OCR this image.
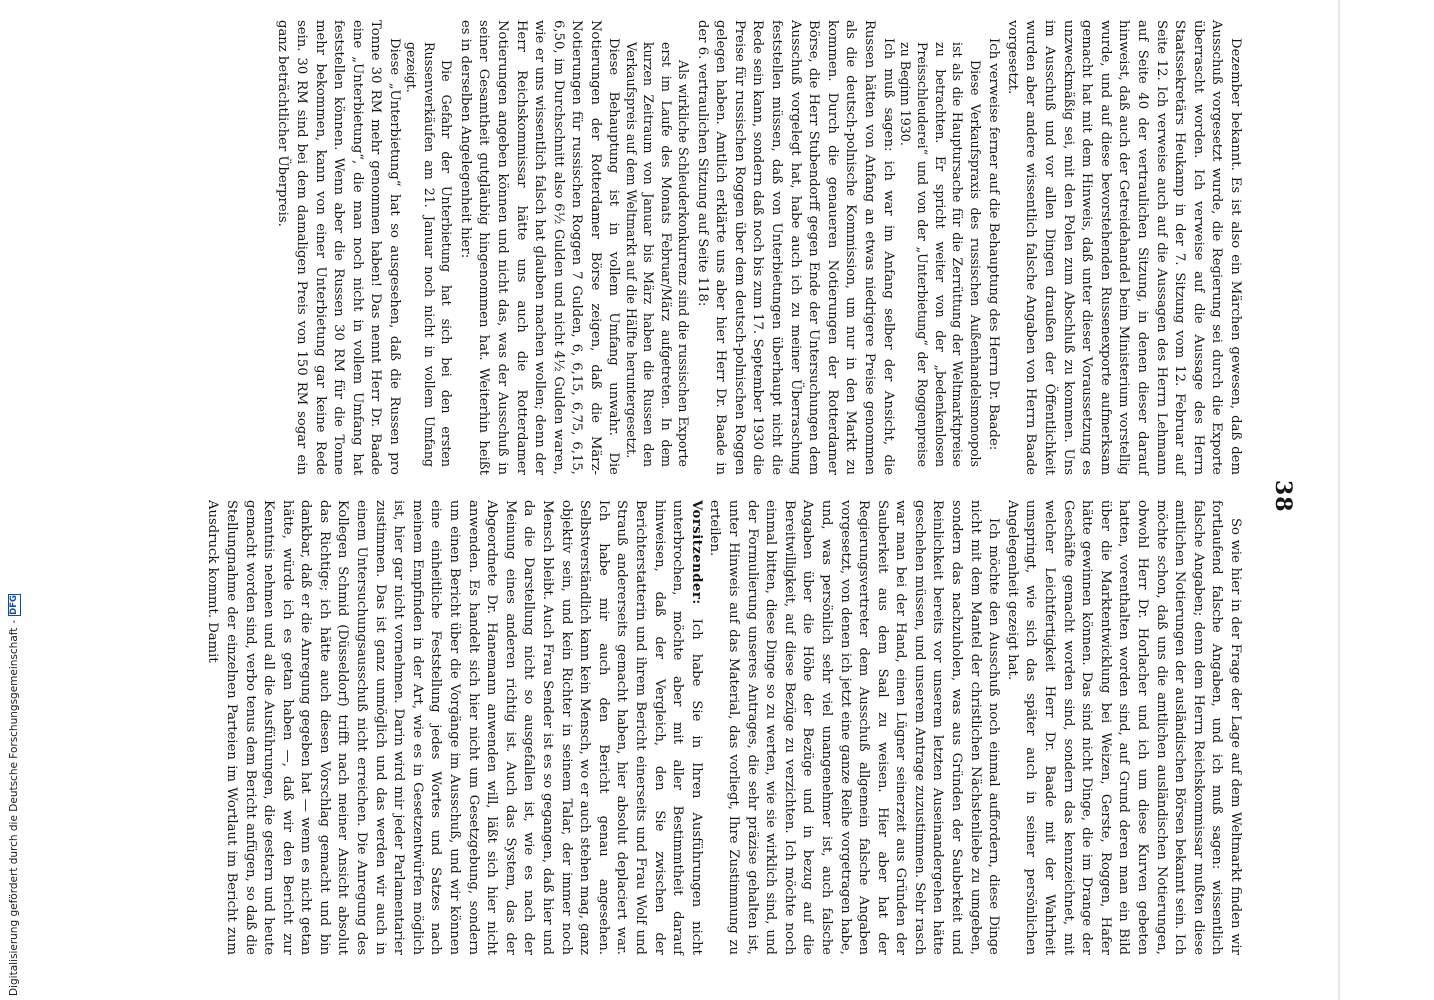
38

Dezember bekannt. Es ist also ein Märchen gewesen, daß dem Ausschuß vorgesetzt wurde, die Regierung sei durch die Exporte überrascht worden. Ich verweise auf die Aussage des Herrn Staatssekretärs Heukamp in der 7. Sitzung vom 12. Februar auf Seite 12. Ich verweise auch auf die Aussagen des Herrn Lehmann auf Seite 40 der vertraulichen Sitzung, in denen dieser darauf hinweist, daß auch der Getreidehandel beim Ministerium vorstellig wurde, und auf diese bevorstehenden Russenexporte aufmerksam gemacht hat mit dem Hinweis, daß unter dieser Voraussetzung es unzweckmäßig sei, mit den Polen zum Abschluß zu kommen. Uns im Ausschuß und vor allen Dingen draußen der Öffentlichkeit wurden aber andere wissentlich falsche Angaben von Herrn Baade vorgesetzt.

Ich verweise ferner auf die Behauptung des Herrn Dr. Baade:

Diese Verkaufspraxis des russischen Außenhandelsmonopols ist als die Hauptursache für die Zerrüttung der Weltmarktpreise zu betrachten. Er spricht weiter von der „bedenkenlosen Preisschleuderei“ und von der „Unterbietung“ der Roggenpreise zu Beginn 1930.

Ich muß sagen: ich war im Anfang selber der Ansicht, die Russen hätten von Anfang an etwas niedrigere Preise genommen als die deutsch-polnische Kommission, um nur in den Markt zu kommen. Durch die genaueren Notierungen der Rotterdamer Börse, die Herr Stubendorff gegen Ende der Untersuchungen dem Ausschuß vorgelegt hat, habe auch ich zu meiner Überraschung feststellen müssen, daß von Unterbietungen überhaupt nicht die Rede sein kann, sondern daß noch bis zum 17. September 1930 die Preise für russischen Roggen über dem deutsch-polnischen Roggen gelegen haben. Amtlich erklärte uns aber hier Herr Dr. Baade in der 6. vertraulichen Sitzung auf Seite 118:

Als wirkliche Schleuderkonkurrenz sind die russischen Exporte erst im Laufe des Monats Februar/März aufgetreten. In dem kurzen Zeitraum von Januar bis März haben die Russen den Verkaufspreis auf dem Weltmarkt auf die Hälfte heruntergesetzt.

Diese Behauptung ist in vollem Umfang unwahr. Die Notierungen der Rotterdamer Börse zeigen, daß die März-Notierungen für russischen Roggen 7 Gulden, 6, 6,15, 6,75, 6,15, 6,50, im Durchschnitt also 6½ Gulden und nicht 4½ Gulden waren, wie er uns wissentlich falsch hat glauben machen wollen; denn der Herr Reichskommissar hätte uns auch die Rotterdamer Notierungen angeben können und nicht das, was der Ausschuß in seiner Gesamtheit gutgläubig hingenommen hat. Weiterhin heißt es in derselben Angelegenheit hier:

Die Gefahr der Unterbietung hat sich bei den ersten Russenverkäufen am 21. Januar noch nicht in vollem Umfang gezeigt.

Diese „Unterbietung“ hat so ausgesehen, daß die Russen pro Tonne 30 RM mehr genommen haben! Das nennt Herr Dr. Baade eine „Unterbietung“, die man noch nicht in vollem Umfang hat feststellen können. Wenn aber die Russen 30 RM für die Tonne mehr bekommen, kann von einer Unterbietung gar keine Rede sein. 30 RM sind bei dem damaligen Preis von 150 RM sogar ein ganz beträchtlicher Überpreis.

So wie hier in der Frage der Lage auf dem Weltmarkt finden wir fortlaufend falsche Angaben, und ich muß sagen: wissentlich falsche Angaben; denn dem Herrn Reichskommissar mußten diese amtlichen Notierungen der ausländischen Börsen bekannt sein. Ich möchte schon, daß uns die amtlichen ausländischen Notierungen, obwohl Herr Dr. Horlacher und ich um diese Kurven gebeten hatten, vorenthalten worden sind, auf Grund deren man ein Bild über die Marktentwicklung bei Weizen, Gerste, Roggen, Hafer hätte gewinnen können. Das sind nicht Dinge, die im Drange der Geschäfte gemacht worden sind, sondern das kennzeichnet, mit welcher Leichtfertigkeit Herr Dr. Baade mit der Wahrheit umspringt, wie sich das später auch in seiner persönlichen Angelegenheit gezeigt hat.

Ich möchte den Ausschuß noch einmal auffordern, diese Dinge nicht mit dem Mantel der christlichen Nächstenliebe zu umgeben, sondern das nachzuholen, was aus Gründen der Sauberkeit und Reinlichkeit bereits vor unserem letzten Auseinandergehen hätte geschehen müssen, und unserem Antrage zuzustimmen. Sehr rasch war man bei der Hand, einen Lügner seinerzeit aus Gründen der Sauberkeit aus dem Saal zu weisen. Hier aber hat der Regierungsvertreter dem Ausschuß allgemein falsche Angaben vorgesetzt, von denen ich jetzt eine ganze Reihe vorgetragen habe, und, was persönlich sehr viel unangenehmer ist, auch falsche Angaben über die Höhe der Bezüge und in bezug auf die Bereitwilligkeit, auf diese Bezüge zu verzichten. Ich möchte noch einmal bitten, diese Dinge so zu werten, wie sie wirklich sind, und der Formulierung unseres Antrages, die sehr präzise gehalten ist, unter Hinweis auf das Material, das vorliegt, Ihre Zustimmung zu erteilen.

Vorsitzender: Ich habe Sie in Ihren Ausführungen nicht unterbrochen, möchte aber mit aller Bestimmtheit darauf hinweisen, daß der Vergleich, den Sie zwischen der Berichterstatterin und ihrem Bericht einerseits und Frau Wolf und Strauß andererseits gemacht haben, hier absolut deplaciert war. Ich habe mir auch den Bericht genau angesehen. Selbstverständlich kann kein Mensch, wo er auch stehen mag, ganz objektiv sein, und kein Richter in seinem Talar, der immer noch Mensch bleibt. Auch Frau Sender ist es so gegangen, daß hier und da die Darstellung nicht so ausgefallen ist, wie es nach der Meinung eines anderen richtig ist. Auch das System, das der Abgeordnete Dr. Hanemann anwenden will, läßt sich hier nicht anwenden. Es handelt sich hier nicht um Gesetzgebung, sondern um einen Bericht über die Vorgänge im Ausschuß, und wir können eine einheitliche Feststellung jedes Wortes und Satzes nach meinem Empfinden in der Art, wie es in Gesetzentwürfen möglich ist, hier gar nicht vornehmen. Darin wird mir jeder Parlamentarier zustimmen. Das ist ganz unmöglich und das werden wir auch in einem Untersuchungsausschuß nicht erreichen. Die Anregung des Kollegen Schmid (Düsseldorf) trifft nach meiner Ansicht absolut das Richtige; ich hätte auch diesen Vorschlag gemacht und bin dankbar, daß er die Anregung gegeben hat — wenn es nicht getan hätte, würde ich es getan haben —, daß wir den Bericht zur Kenntnis nehmen und all die Ausführungen, die gestern und heute gemacht worden sind, verbo tenus dem Bericht anfügen, so daß die Stellungnahme der einzelnen Parteien im Wortlaut im Bericht zum Ausdruck kommt. Damit

Digitalisierung gefördert durch die Deutsche Forschungsgemeinschaft
-
DFG
